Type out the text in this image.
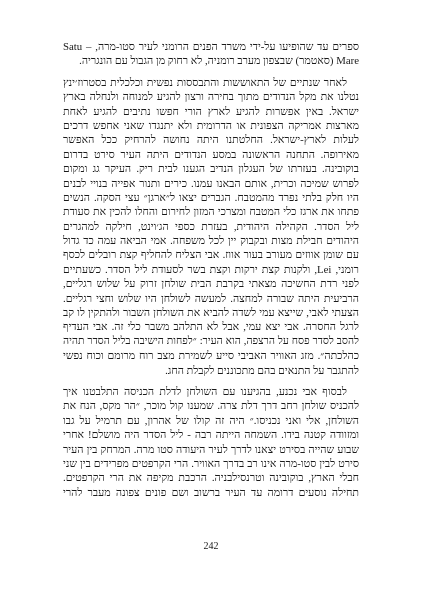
ספרים עד שהופיעו על-ידי משרד הפנים הרומני לעיר סטו-מרה, – Satu
Mare (סאטמר) שבצפון מערב רומניה, לא רחוק מן הגבול עם הונגריה.
לאחר שנתיים של התאוששות והתבססות נפשית וכלכלית בסטרוז׳ינץ
נטלנו את מקל הנדודים מתוך בחירה ורצון להגיע למנוחה ולנחלה בארץ
ישראל. באין אפשרות להגיע לארץ הורי חפשו נתיבים להגיע לאחת
מארצות אמריקה הצפונית או הדרומית ולא יתנגדו שאני אחפש דרכים
לעלות לארץ-ישראל. החלטתנו היתה נחושה להרחיק ככל האפשר
מאירופה. התחנה הראשונה במסע הנדודים היתה העיר סירט בדרום
בוקובינה. בעזרתו של העגלון הנדיב הגענו לבית ריק. העיקר גג ומקום
לפרוש שמיכה וכרית, אותם הבאנו עמנו. כירים ותנור אפייה בנויי לבנים
היו חלק בלתי נפרד מהמטבח. הגברים יצאו ל״ארגן״ עצי הסקה. הנשים
פתחו את ארגז כלי המטבח ומצרכי המזון לחירום והחלו להכין את סעודת
ליל הסדר. הקהילה היהודית, בעזרת כספי הג׳וינט, חילקה למהגרים
היהודים חבילת מצות ובקבוק יין לכל משפחה. אמי הביאה עמה כד גדול
עם שומן אווזים מעורב בעור אווז. אבי הצליח להחליף קצת רובלים לכסף
רומני, Lei, ולקנות קצת ירקות וקצת בשר לסעודת ליל הסדר. כשעתיים
לפני רדת החשיכה מצאתי בקרבת הבית שולחן זרוק על שלוש רגליים,
הרביעית היתה שבורה למחצה. למעשה לשולחן היו שלוש וחצי רגליים.
הצעתי לאבי, שייצא עמי לשדה להביא את השולחן השבור ולהתקין לו קב
לרגל החסרה. אבי יצא עמי, אבל לא התלהב משבר כלי זה. אבי העדיף
להסב לסדר פסח על הרצפה, הוא העיר: ״לפחות הישיבה בליל הסדר תהיה
כהלכתה״. מזג האוויר האביבי סייע לשמירת מצב רוח מרומם וכוח נפשי
להתגבר על התנאים בהם מתכוננים לקבלת החג.
לבסוף אבי נכנע, בהגיענו עם השולחן לדלת הכניסה התלבטנו איך
להכניס שולחן רחב דרך דלת צרה. שמענו קול מוכר, ״הר מקס, הנח את
השולחן, אלי ואני נכניסו.״ היה זה קולו של אהרון, עם תרמיל על גבו
ומזוודה קטנה בידו. השמחה הייתה רבה - ליל הסדר היה מושלם! אחרי
שבוע שהייה בסירט יצאנו לדרך לעיר היעודה סטו מרה. המרחק בין העיר
סירט לבין סטו-מרה אינו רב בדרך האוויר. הרי הקרפטים מפרידים בין שני
חבלי הארץ, בוקובינה וטרנסילבניה. הרכבת מקיפה את הרי הקרפטים.
תחילה נוסעים דרומה עד העיר ברשוב ושם פונים צפונה מעבר להרי
242
